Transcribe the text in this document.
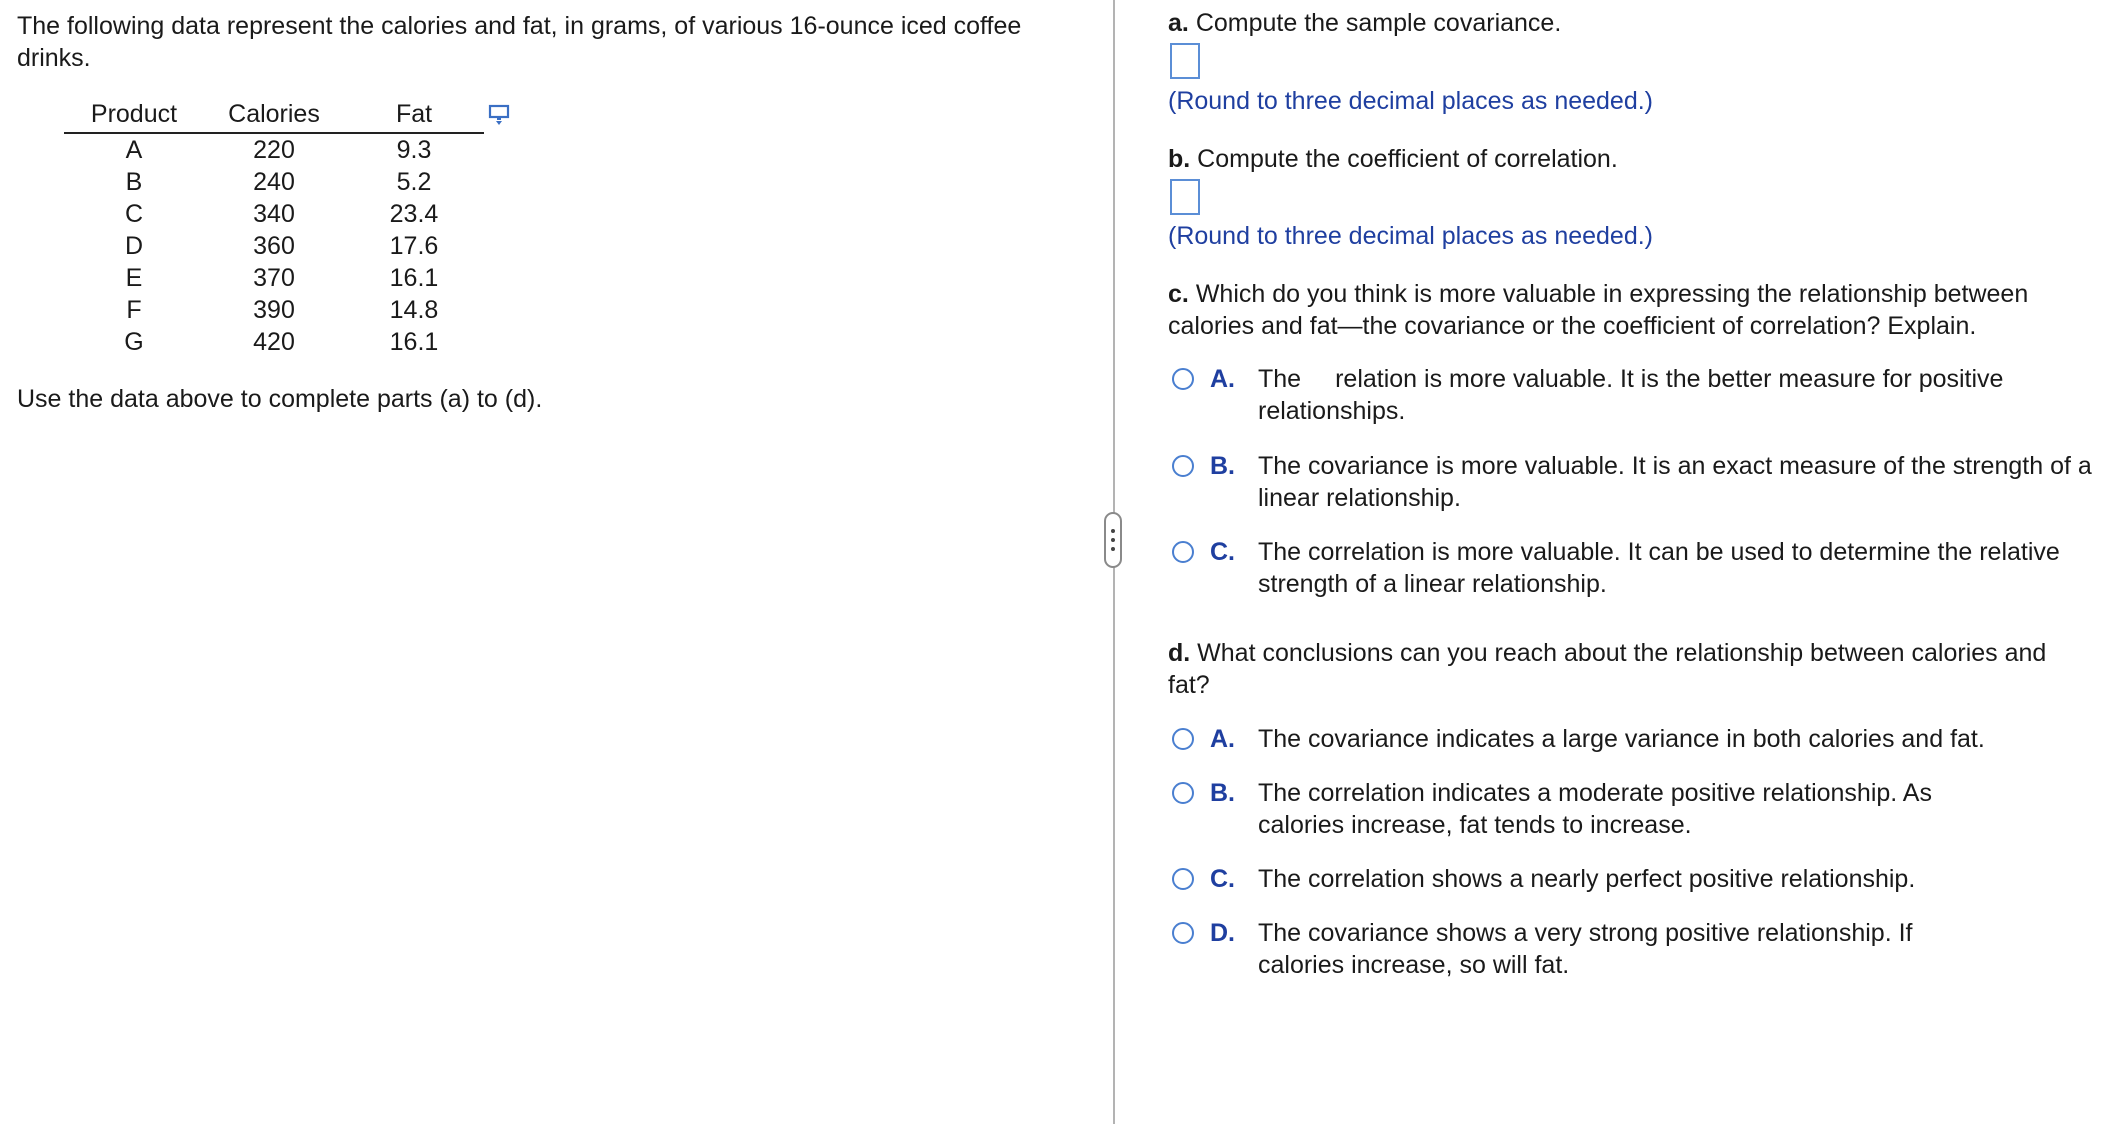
The following data represent the calories and fat, in grams, of various 16-ounce iced coffee drinks.
Product	Calories	Fat
A	220	9.3
B	240	5.2
C	340	23.4
D	360	17.6
E	370	16.1
F	390	14.8
G	420	16.1
Use the data above to complete parts (a) to (d).
a. Compute the sample covariance.
(Round to three decimal places as needed.)
b. Compute the coefficient of correlation.
(Round to three decimal places as needed.)
c. Which do you think is more valuable in expressing the relationship between calories and fat—the covariance or the coefficient of correlation? Explain.
A. The relation is more valuable. It is the better measure for positive relationships.
B. The covariance is more valuable. It is an exact measure of the strength of a linear relationship.
C. The correlation is more valuable. It can be used to determine the relative strength of a linear relationship.
d. What conclusions can you reach about the relationship between calories and fat?
A. The covariance indicates a large variance in both calories and fat.
B. The correlation indicates a moderate positive relationship. As calories increase, fat tends to increase.
C. The correlation shows a nearly perfect positive relationship.
D. The covariance shows a very strong positive relationship. If calories increase, so will fat.
